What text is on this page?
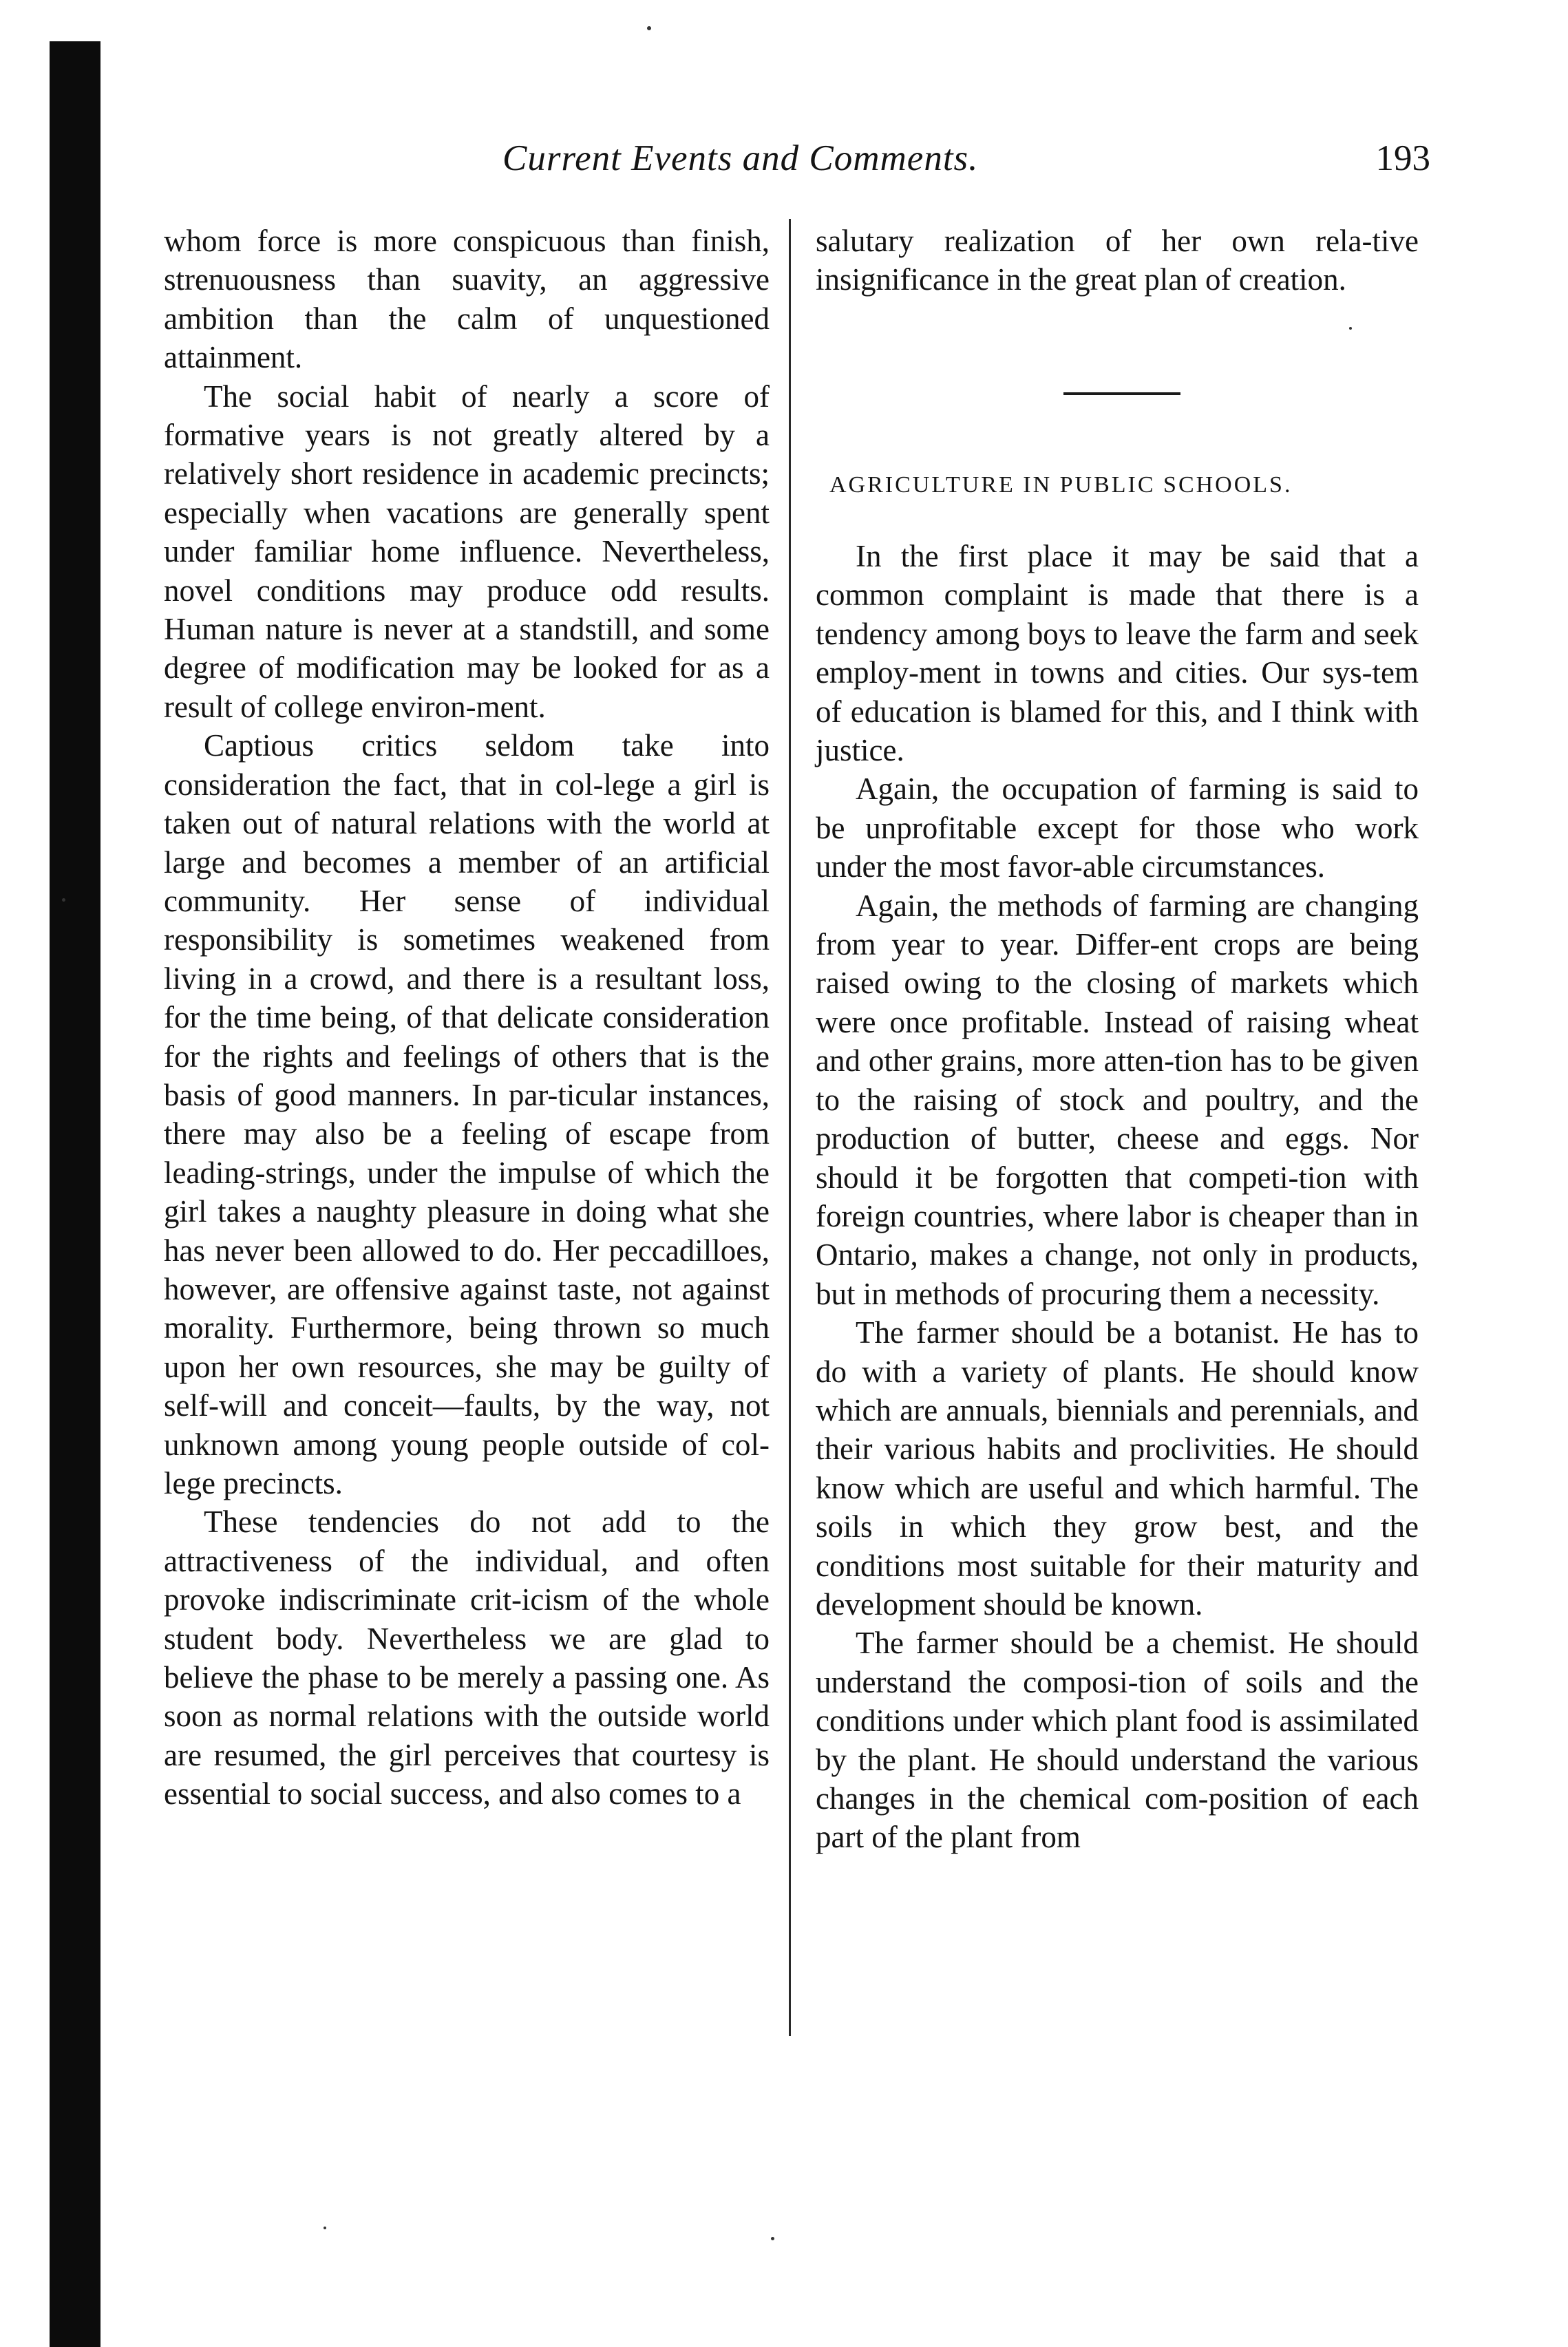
Current Events and Comments.	193

whom force is more conspicuous than finish, strenuousness than suavity, an aggressive ambition than the calm of unquestioned attainment.

The social habit of nearly a score of formative years is not greatly altered by a relatively short residence in academic precincts; especially when vacations are generally spent under familiar home influence. Nevertheless, novel conditions may produce odd results. Human nature is never at a standstill, and some degree of modification may be looked for as a result of college environ-ment.

Captious critics seldom take into consideration the fact, that in col-lege a girl is taken out of natural relations with the world at large and becomes a member of an artificial community. Her sense of individual responsibility is sometimes weakened from living in a crowd, and there is a resultant loss, for the time being, of that delicate consideration for the rights and feelings of others that is the basis of good manners. In par-ticular instances, there may also be a feeling of escape from leading-strings, under the impulse of which the girl takes a naughty pleasure in doing what she has never been allowed to do. Her peccadilloes, however, are offensive against taste, not against morality. Furthermore, being thrown so much upon her own resources, she may be guilty of self-will and conceit—faults, by the way, not unknown among young people outside of col-lege precincts.

These tendencies do not add to the attractiveness of the individual, and often provoke indiscriminate crit-icism of the whole student body. Nevertheless we are glad to believe the phase to be merely a passing one. As soon as normal relations with the outside world are resumed, the girl perceives that courtesy is essential to social success, and also comes to a

salutary realization of her own rela-tive insignificance in the great plan of creation.

AGRICULTURE IN PUBLIC SCHOOLS.

In the first place it may be said that a common complaint is made that there is a tendency among boys to leave the farm and seek employ-ment in towns and cities. Our sys-tem of education is blamed for this, and I think with justice.

Again, the occupation of farming is said to be unprofitable except for those who work under the most favor-able circumstances.

Again, the methods of farming are changing from year to year. Differ-ent crops are being raised owing to the closing of markets which were once profitable. Instead of raising wheat and other grains, more atten-tion has to be given to the raising of stock and poultry, and the production of butter, cheese and eggs. Nor should it be forgotten that competi-tion with foreign countries, where labor is cheaper than in Ontario, makes a change, not only in products, but in methods of procuring them a necessity.

The farmer should be a botanist. He has to do with a variety of plants. He should know which are annuals, biennials and perennials, and their various habits and proclivities. He should know which are useful and which harmful. The soils in which they grow best, and the conditions most suitable for their maturity and development should be known.

The farmer should be a chemist. He should understand the composi-tion of soils and the conditions under which plant food is assimilated by the plant. He should understand the various changes in the chemical com-position of each part of the plant from
